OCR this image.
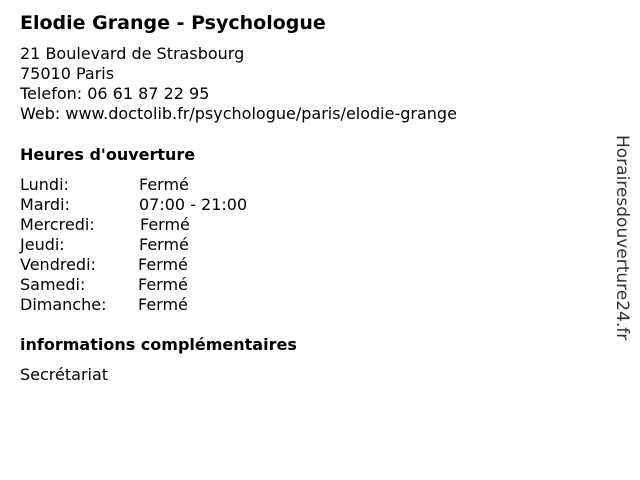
Elodie Grange - Psychologue
21 Boulevard de Strasbourg
75010 Paris
Telefon: 06 61 87 22 95
Web: www.doctolib.fr/psychologue/paris/elodie-grange
Heures d'ouverture
Lundi:	Fermé
Mardi:	07:00 - 21:00
Mercredi:	Fermé
Jeudi:	Fermé
Vendredi:	Fermé
Samedi:	Fermé
Dimanche: Fermé
informations complémentaires
Secrétariat
Horairesdouverture24.fr
